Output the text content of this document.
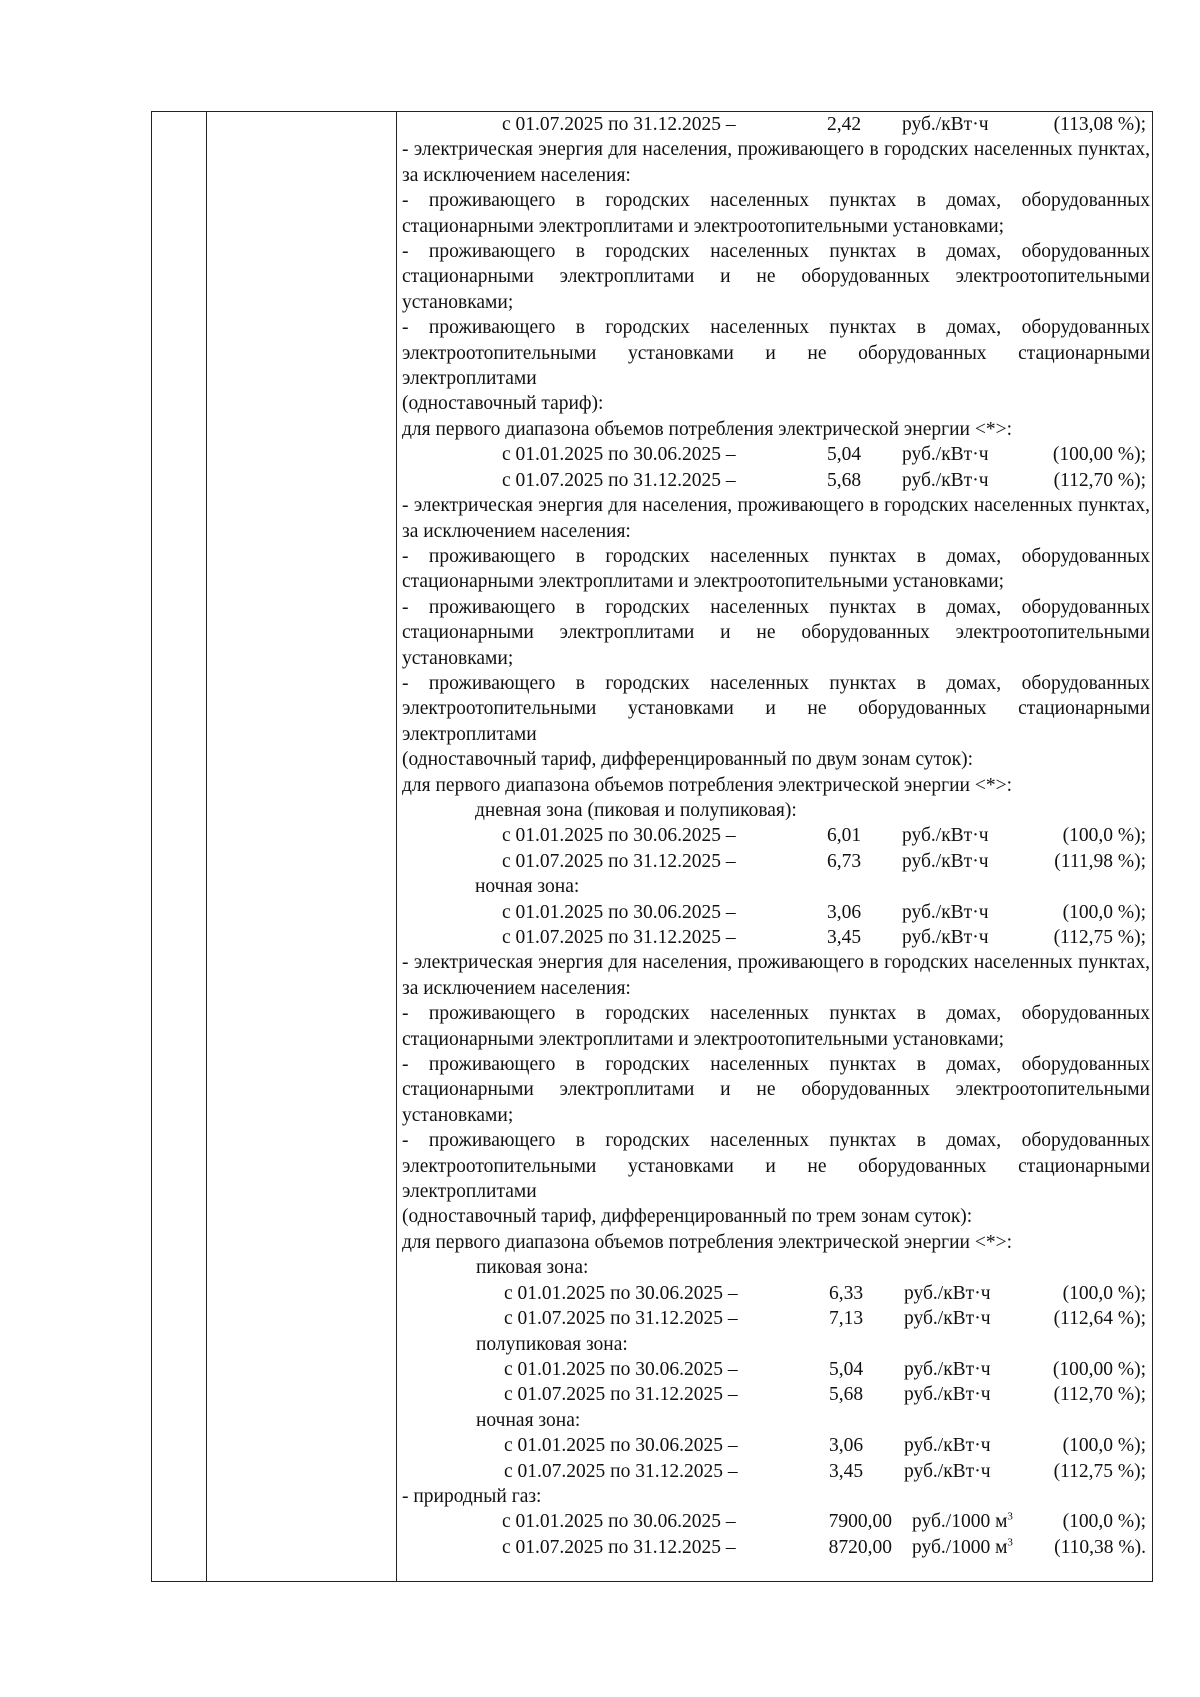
с 01.07.2025 по 31.12.2025 –	2,42	руб./кВт·ч	(113,08 %);
- электрическая энергия для населения, проживающего в городских населенных пунктах, за исключением населения:
- проживающего в городских населенных пунктах в домах, оборудованных стационарными электроплитами и электроотопительными установками;
- проживающего в городских населенных пунктах в домах, оборудованных стационарными электроплитами и не оборудованных электроотопительными установками;
- проживающего в городских населенных пунктах в домах, оборудованных электроотопительными установками и не оборудованных стационарными электроплитами
(одноставочный тариф):
для первого диапазона объемов потребления электрической энергии <*>:
с 01.01.2025 по 30.06.2025 –	5,04	руб./кВт·ч	(100,00 %);
с 01.07.2025 по 31.12.2025 –	5,68	руб./кВт·ч	(112,70 %);
- электрическая энергия для населения, проживающего в городских населенных пунктах, за исключением населения:
- проживающего в городских населенных пунктах в домах, оборудованных стационарными электроплитами и электроотопительными установками;
- проживающего в городских населенных пунктах в домах, оборудованных стационарными электроплитами и не оборудованных электроотопительными установками;
- проживающего в городских населенных пунктах в домах, оборудованных электроотопительными установками и не оборудованных стационарными электроплитами
(одноставочный тариф, дифференцированный по двум зонам суток):
для первого диапазона объемов потребления электрической энергии <*>:
дневная зона (пиковая и полупиковая):
с 01.01.2025 по 30.06.2025 –	6,01	руб./кВт·ч	(100,0 %);
с 01.07.2025 по 31.12.2025 –	6,73	руб./кВт·ч	(111,98 %);
ночная зона:
с 01.01.2025 по 30.06.2025 –	3,06	руб./кВт·ч	(100,0 %);
с 01.07.2025 по 31.12.2025 –	3,45	руб./кВт·ч	(112,75 %);
- электрическая энергия для населения, проживающего в городских населенных пунктах, за исключением населения:
- проживающего в городских населенных пунктах в домах, оборудованных стационарными электроплитами и электроотопительными установками;
- проживающего в городских населенных пунктах в домах, оборудованных стационарными электроплитами и не оборудованных электроотопительными установками;
- проживающего в городских населенных пунктах в домах, оборудованных электроотопительными установками и не оборудованных стационарными электроплитами
(одноставочный тариф, дифференцированный по трем зонам суток):
для первого диапазона объемов потребления электрической энергии <*>:
пиковая зона:
с 01.01.2025 по 30.06.2025 –	6,33	руб./кВт·ч	(100,0 %);
с 01.07.2025 по 31.12.2025 –	7,13	руб./кВт·ч	(112,64 %);
полупиковая зона:
с 01.01.2025 по 30.06.2025 –	5,04	руб./кВт·ч	(100,00 %);
с 01.07.2025 по 31.12.2025 –	5,68	руб./кВт·ч	(112,70 %);
ночная зона:
с 01.01.2025 по 30.06.2025 –	3,06	руб./кВт·ч	(100,0 %);
с 01.07.2025 по 31.12.2025 –	3,45	руб./кВт·ч	(112,75 %);
- природный газ:
с 01.01.2025 по 30.06.2025 –	7900,00	руб./1000 $м^3$	(100,0 %);
с 01.07.2025 по 31.12.2025 –	8720,00	руб./1000 $м^3$	(110,38 %).
